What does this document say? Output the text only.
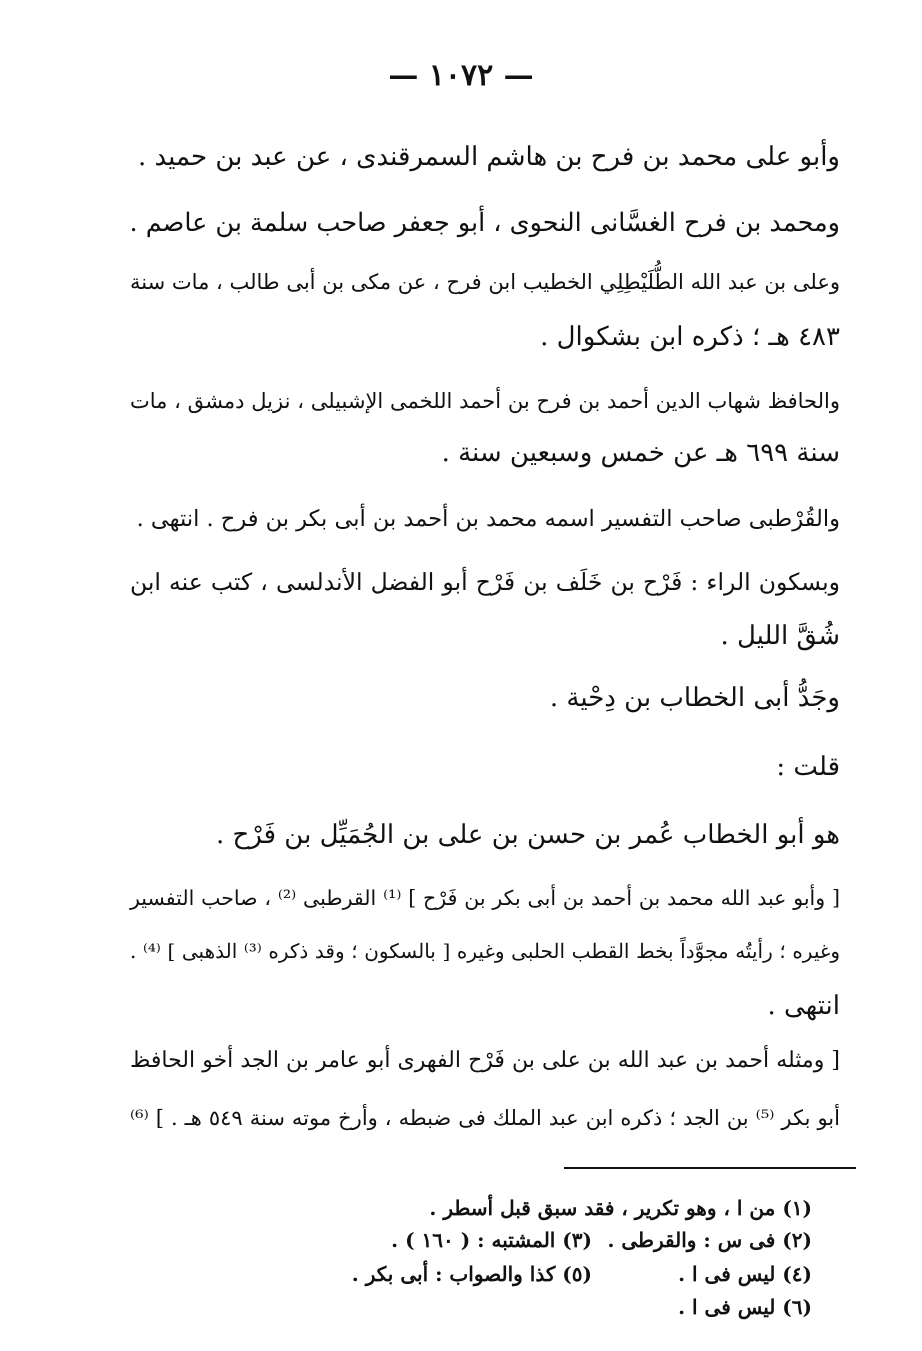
— ١٠٧٢ —
وأبو على محمد بن فرح بن هاشم السمرقندى ، عن عبد بن حميد .
ومحمد بن فرح الغسَّانى النحوى ، أبو جعفر صاحب سلمة بن عاصم .
وعلى بن عبد الله الطُّلَيْطِلِي الخطيب ابن فرح ، عن مكى بن أبى طالب ، مات سنة
٤٨٣ هـ ؛ ذكره ابن بشكوال .
والحافظ شهاب الدين أحمد بن فرح بن أحمد اللخمى الإشبيلى ، نزيل دمشق ، مات
سنة ٦٩٩ هـ عن خمس وسبعين سنة .
والقُرْطبى صاحب التفسير اسمه محمد بن أحمد بن أبى بكر بن فرح . انتهى .
وبسكون الراء : فَرْح بن خَلَف بن فَرْح أبو الفضل الأندلسى ، كتب عنه ابن
شُقَّ الليل .
وجَدُّ أبى الخطاب بن دِحْية .
قلت :
هو أبو الخطاب عُمر بن حسن بن على بن الجُمَيِّل بن فَرْح .
[ وأبو عبد الله محمد بن أحمد بن أبى بكر بن فَرْح ] ⁽¹⁾ القرطبى ⁽²⁾ ، صاحب التفسير
وغيره ؛ رأيتُه مجوَّداً بخط القطب الحلبى وغيره [ بالسكون ؛ وقد ذكره ⁽³⁾ الذهبى ] ⁽⁴⁾ .
انتهى .
[ ومثله أحمد بن عبد الله بن على بن فَرْح الفهرى أبو عامر بن الجد أخو الحافظ
أبو بكر ⁽⁵⁾ بن الجد ؛ ذكره ابن عبد الملك فى ضبطه ، وأرخ موته سنة ٥٤٩ هـ . ] ⁽⁶⁾
(١) من ا ، وهو تكرير ، فقد سبق قبل أسطر .
(٢) فى س : والقرطى .
(٣) المشتبه : ( ١٦٠ ) .
(٤) ليس فى ا .
(٥) كذا والصواب : أبى بكر .
(٦) ليس فى ا .
